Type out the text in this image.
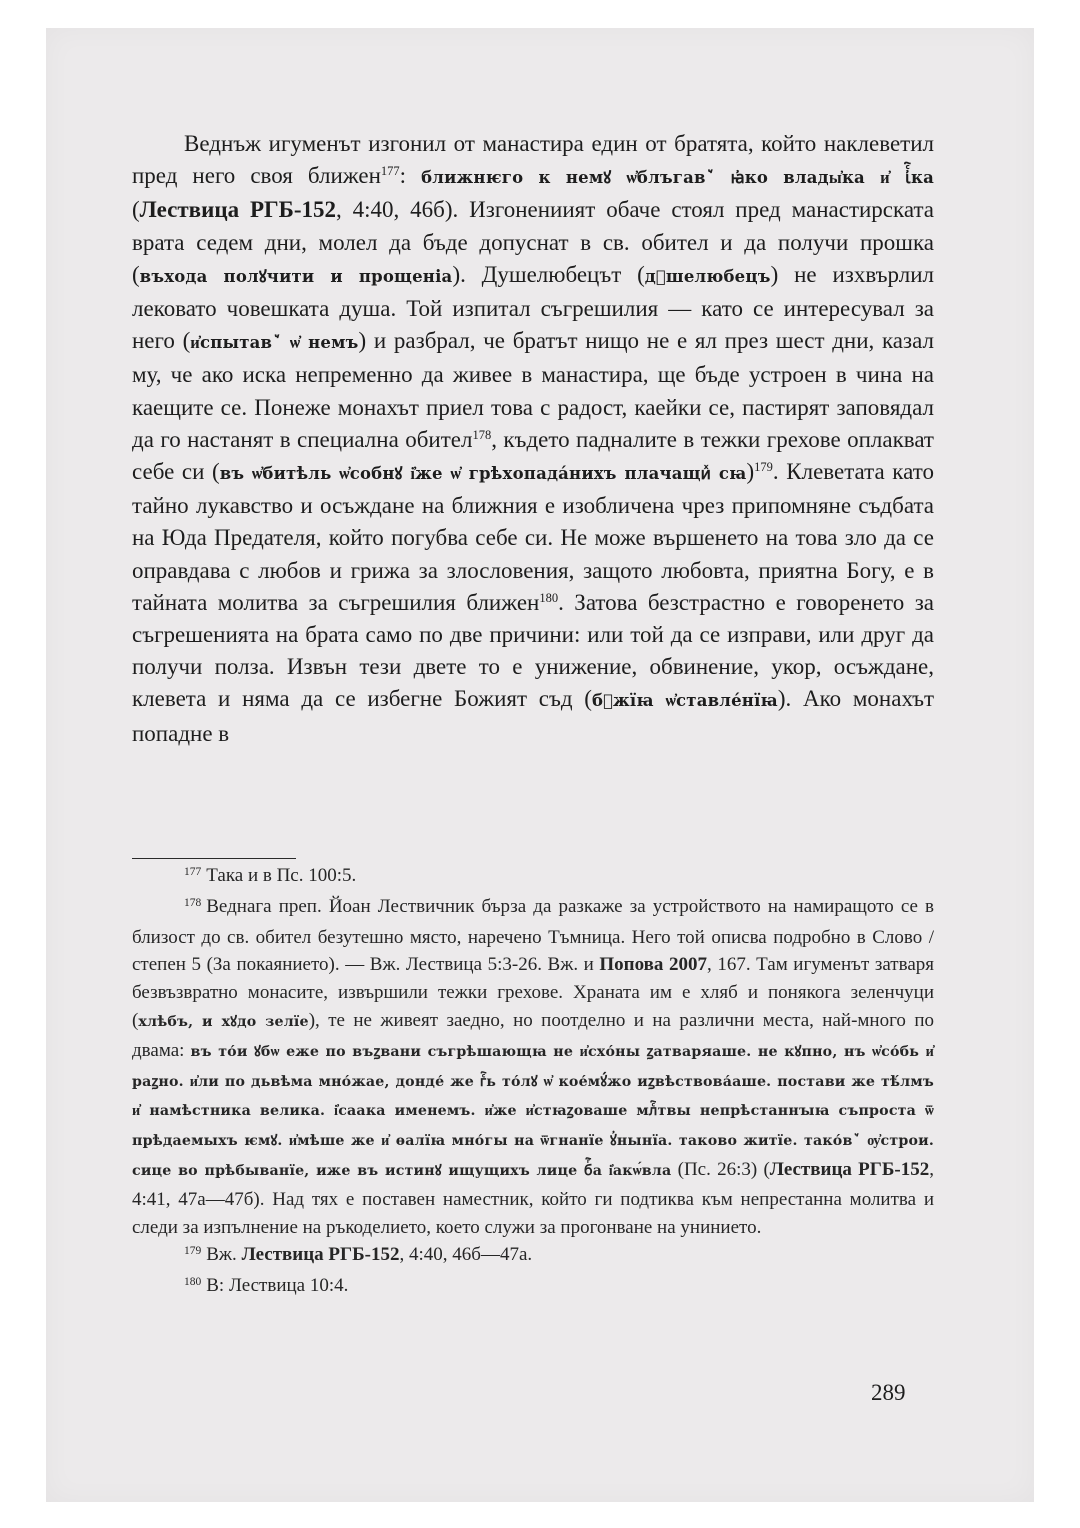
Веднъж игуменът изгонил от манастира един от братята, който наклеветил пред него своя ближен$^{177}$: ближнѥго к немꙋ ѡ҆блъгавꙿ ꙗ҆ко влады҆ка и҆ ꙇ҆ⷭ҇ка (Лествица РГБ-152, 4:40, 46б). Изгонениият обаче стоял пред манастирската врата седем дни, молел да бъде допуснат в св. обител и да получи прошка (въхода полꙋчити и прощеніа). Душелюбецът (дⷣшелюбецъ) не изхвърлил лековато човешката душа. Той изпитал съгрешилия — като се интересувал за него (и҆спытавꙿ ѡ҆ немъ) и разбрал, че братът нищо не е ял през шест дни, казал му, че ако иска непременно да живее в манастира, ще бъде устроен в чина на каещите се. Понеже монахът приел това с радост, каейки се, пастирят заповядал да го настанят в специална обител$^{178}$, където падналите в тежки грехове оплакват себе си (въ ѡ҆битѣль ѡ҆собнꙋ і҆же ѡ҆ грѣхопада́нихъ плачащиⷯ сꙗ)$^{179}$. Клеветата като тайно лукавство и осъждане на ближния е изобличена чрез припомняне съдбата на Юда Предателя, който погубва себе си. Не може вършенето на това зло да се оправдава с любов и грижа за злословения, защото любовта, приятна Богу, е в тайната молитва за съгрешилия ближен$^{180}$. Затова безстрастно е говоренето за съгрешенията на брата само по две причини: или той да се изправи, или друг да получи полза. Извън тези двете то е унижение, обвинение, укор, осъждане, клевета и няма да се избегне Божият съд (бⷤжїꙗ ѡ҆ставле́нїꙗ). Ако монахът попадне в

$^{177}$ Така и в Пс. 100:5.

$^{178}$ Веднага преп. Йоан Лествичник бърза да разкаже за устройството на намиращото се в близост до св. обител безутешно място, наречено Тъмница. Него той описва подробно в Слово / степен 5 (За покаянието). — Вж. Лествица 5:3-26. Вж. и Попова 2007, 167. Там игуменът затваря безвъзвратно монасите, извършили тежки грехове. Храната им е хляб и понякога зеленчуци (хлѣбъ, и хꙋдо зелїе), те не живеят заедно, но поотделно и на различни места, най-много по двама: въ то́и ꙋбѡ еже по въꙁвани съгрѣшающꙗ не и҆схо́ны ꙁатваряаше. не кꙋпно, нъ ѡ҆со́бь и҆ раꙁно. и҆ли по дьвѣма мно́жае, донде́ же гⷭ҇ь то́лꙋ ѡ҆ кое́мꙋ́жо иꙁвѣствова́аше. постави же тѣ́лмъ и҆ намѣстника велика. і҆саака именемъ. и҆же и҆стꙗꙁоваше млⷭ҇твы непрѣстаннꙑꙗ съпроста ѿ прѣдаемыхъ ѥмꙋ. и҆мѣше же и҆ ѳалїꙗ мно́гы на ѿгнанїе ꙋ҆нынїа. таково житїе. тако́вꙿ ѹ҆строи. сице во прѣбыванїе, иже въ истинꙋ ищущихъ лице бⷢ҇а і҆акѡ́вла (Пс. 26:3) (Лествица РГБ-152, 4:41, 47а—47б). Над тях е поставен наместник, който ги подтиква към непрестанна молитва и следи за изпълнение на ръкоделието, което служи за прогонване на униниeто.

$^{179}$ Вж. Лествица РГБ-152, 4:40, 46б—47а.

$^{180}$ В: Лествица 10:4.

289
